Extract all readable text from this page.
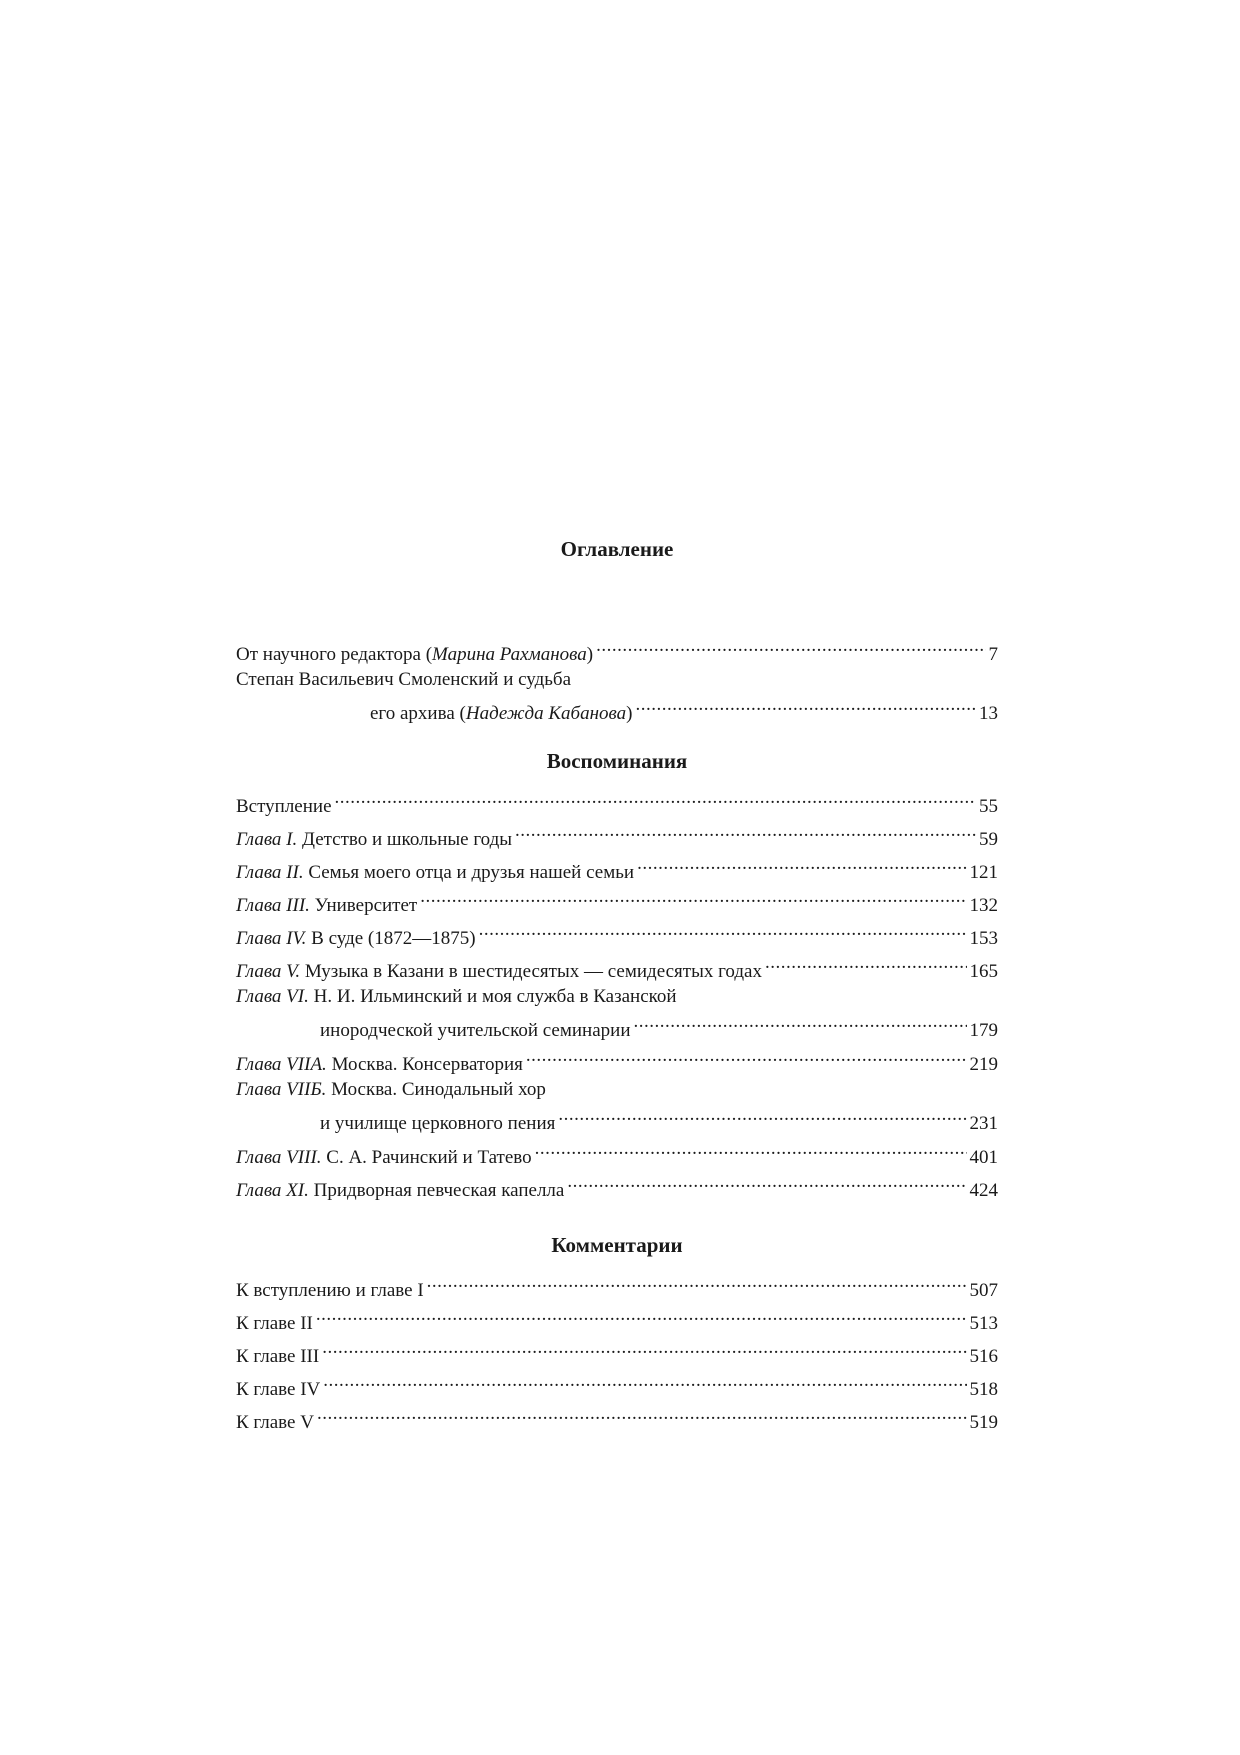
Оглавление
От научного редактора (Марина Рахманова) .....	7
Степан Васильевич Смоленский и судьба
его архива (Надежда Кабанова) .....	13
Воспоминания
Вступление .....	55
Глава I. Детство и школьные годы .....	59
Глава II. Семья моего отца и друзья нашей семьи .....	121
Глава III. Университет .....	132
Глава IV. В суде (1872—1875) .....	153
Глава V. Музыка в Казани в шестидесятых — семидесятых годах .....	165
Глава VI. Н. И. Ильминский и моя служба в Казанской
инородческой учительской семинарии .....	179
Глава VIIА. Москва. Консерватория .....	219
Глава VIIБ. Москва. Синодальный хор
и училище церковного пения .....	231
Глава VIII. С. А. Рачинский и Татево .....	401
Глава XI. Придворная певческая капелла .....	424
Комментарии
К вступлению и главе I .....	507
К главе II .....	513
К главе III .....	516
К главе IV .....	518
К главе V .....	519
